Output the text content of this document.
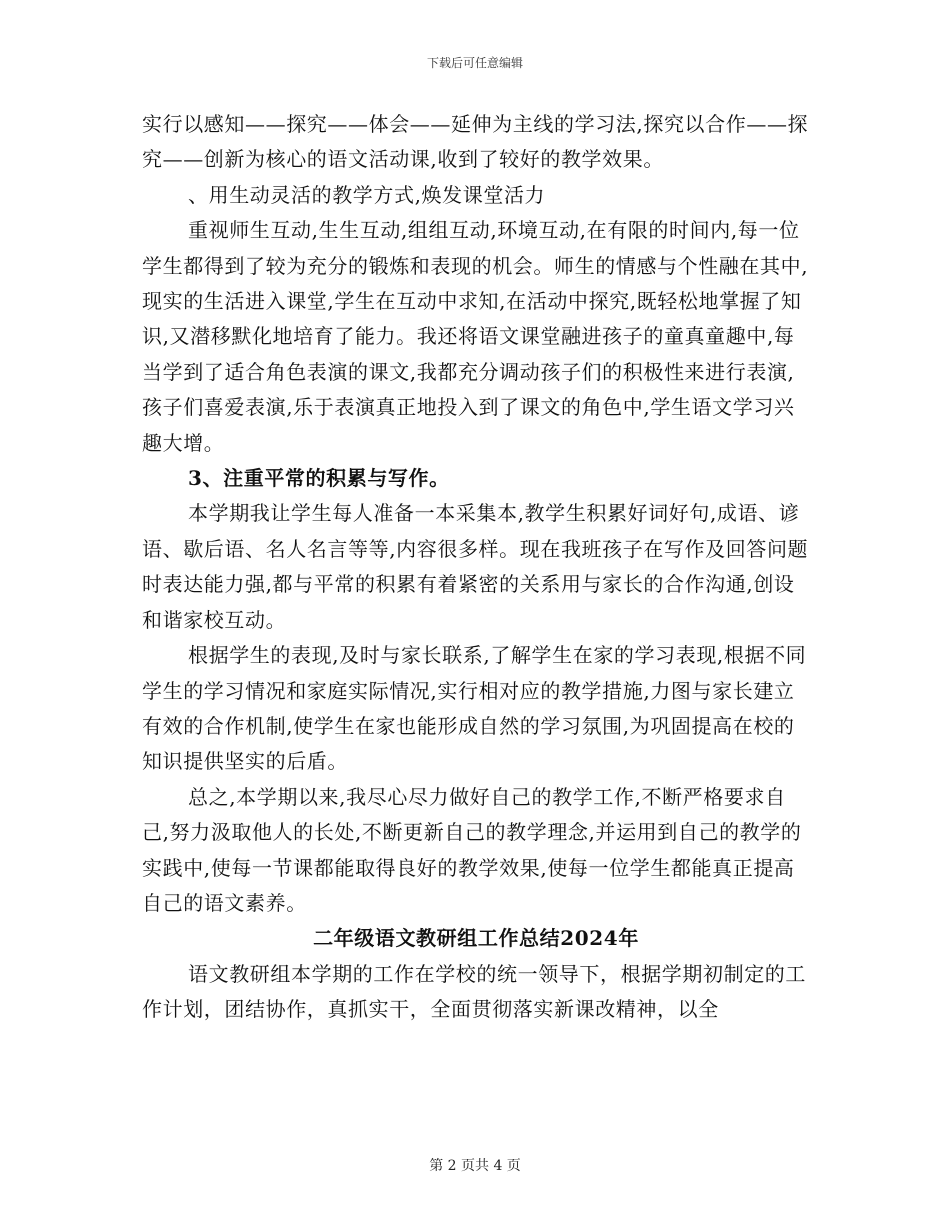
下载后可任意编辑

实行以感知——探究——体会——延伸为主线的学习法,探究以合作——探究——创新为核心的语文活动课,收到了较好的教学效果。

、用生动灵活的教学方式,焕发课堂活力

重视师生互动,生生互动,组组互动,环境互动,在有限的时间内,每一位学生都得到了较为充分的锻炼和表现的机会。师生的情感与个性融在其中,现实的生活进入课堂,学生在互动中求知,在活动中探究,既轻松地掌握了知识,又潜移默化地培育了能力。我还将语文课堂融进孩子的童真童趣中,每当学到了适合角色表演的课文,我都充分调动孩子们的积极性来进行表演,孩子们喜爱表演,乐于表演真正地投入到了课文的角色中,学生语文学习兴趣大增。

3、注重平常的积累与写作。

本学期我让学生每人准备一本采集本,教学生积累好词好句,成语、谚语、歇后语、名人名言等等,内容很多样。现在我班孩子在写作及回答问题时表达能力强,都与平常的积累有着紧密的关系用与家长的合作沟通,创设和谐家校互动。

根据学生的表现,及时与家长联系,了解学生在家的学习表现,根据不同学生的学习情况和家庭实际情况,实行相对应的教学措施,力图与家长建立有效的合作机制,使学生在家也能形成自然的学习氛围,为巩固提高在校的知识提供坚实的后盾。

总之,本学期以来,我尽心尽力做好自己的教学工作,不断严格要求自己,努力汲取他人的长处,不断更新自己的教学理念,并运用到自己的教学的实践中,使每一节课都能取得良好的教学效果,使每一位学生都能真正提高自己的语文素养。

二年级语文教研组工作总结2024年

语文教研组本学期的工作在学校的统一领导下，根据学期初制定的工作计划，团结协作，真抓实干，全面贯彻落实新课改精神，以全

第 2 页共 4 页
